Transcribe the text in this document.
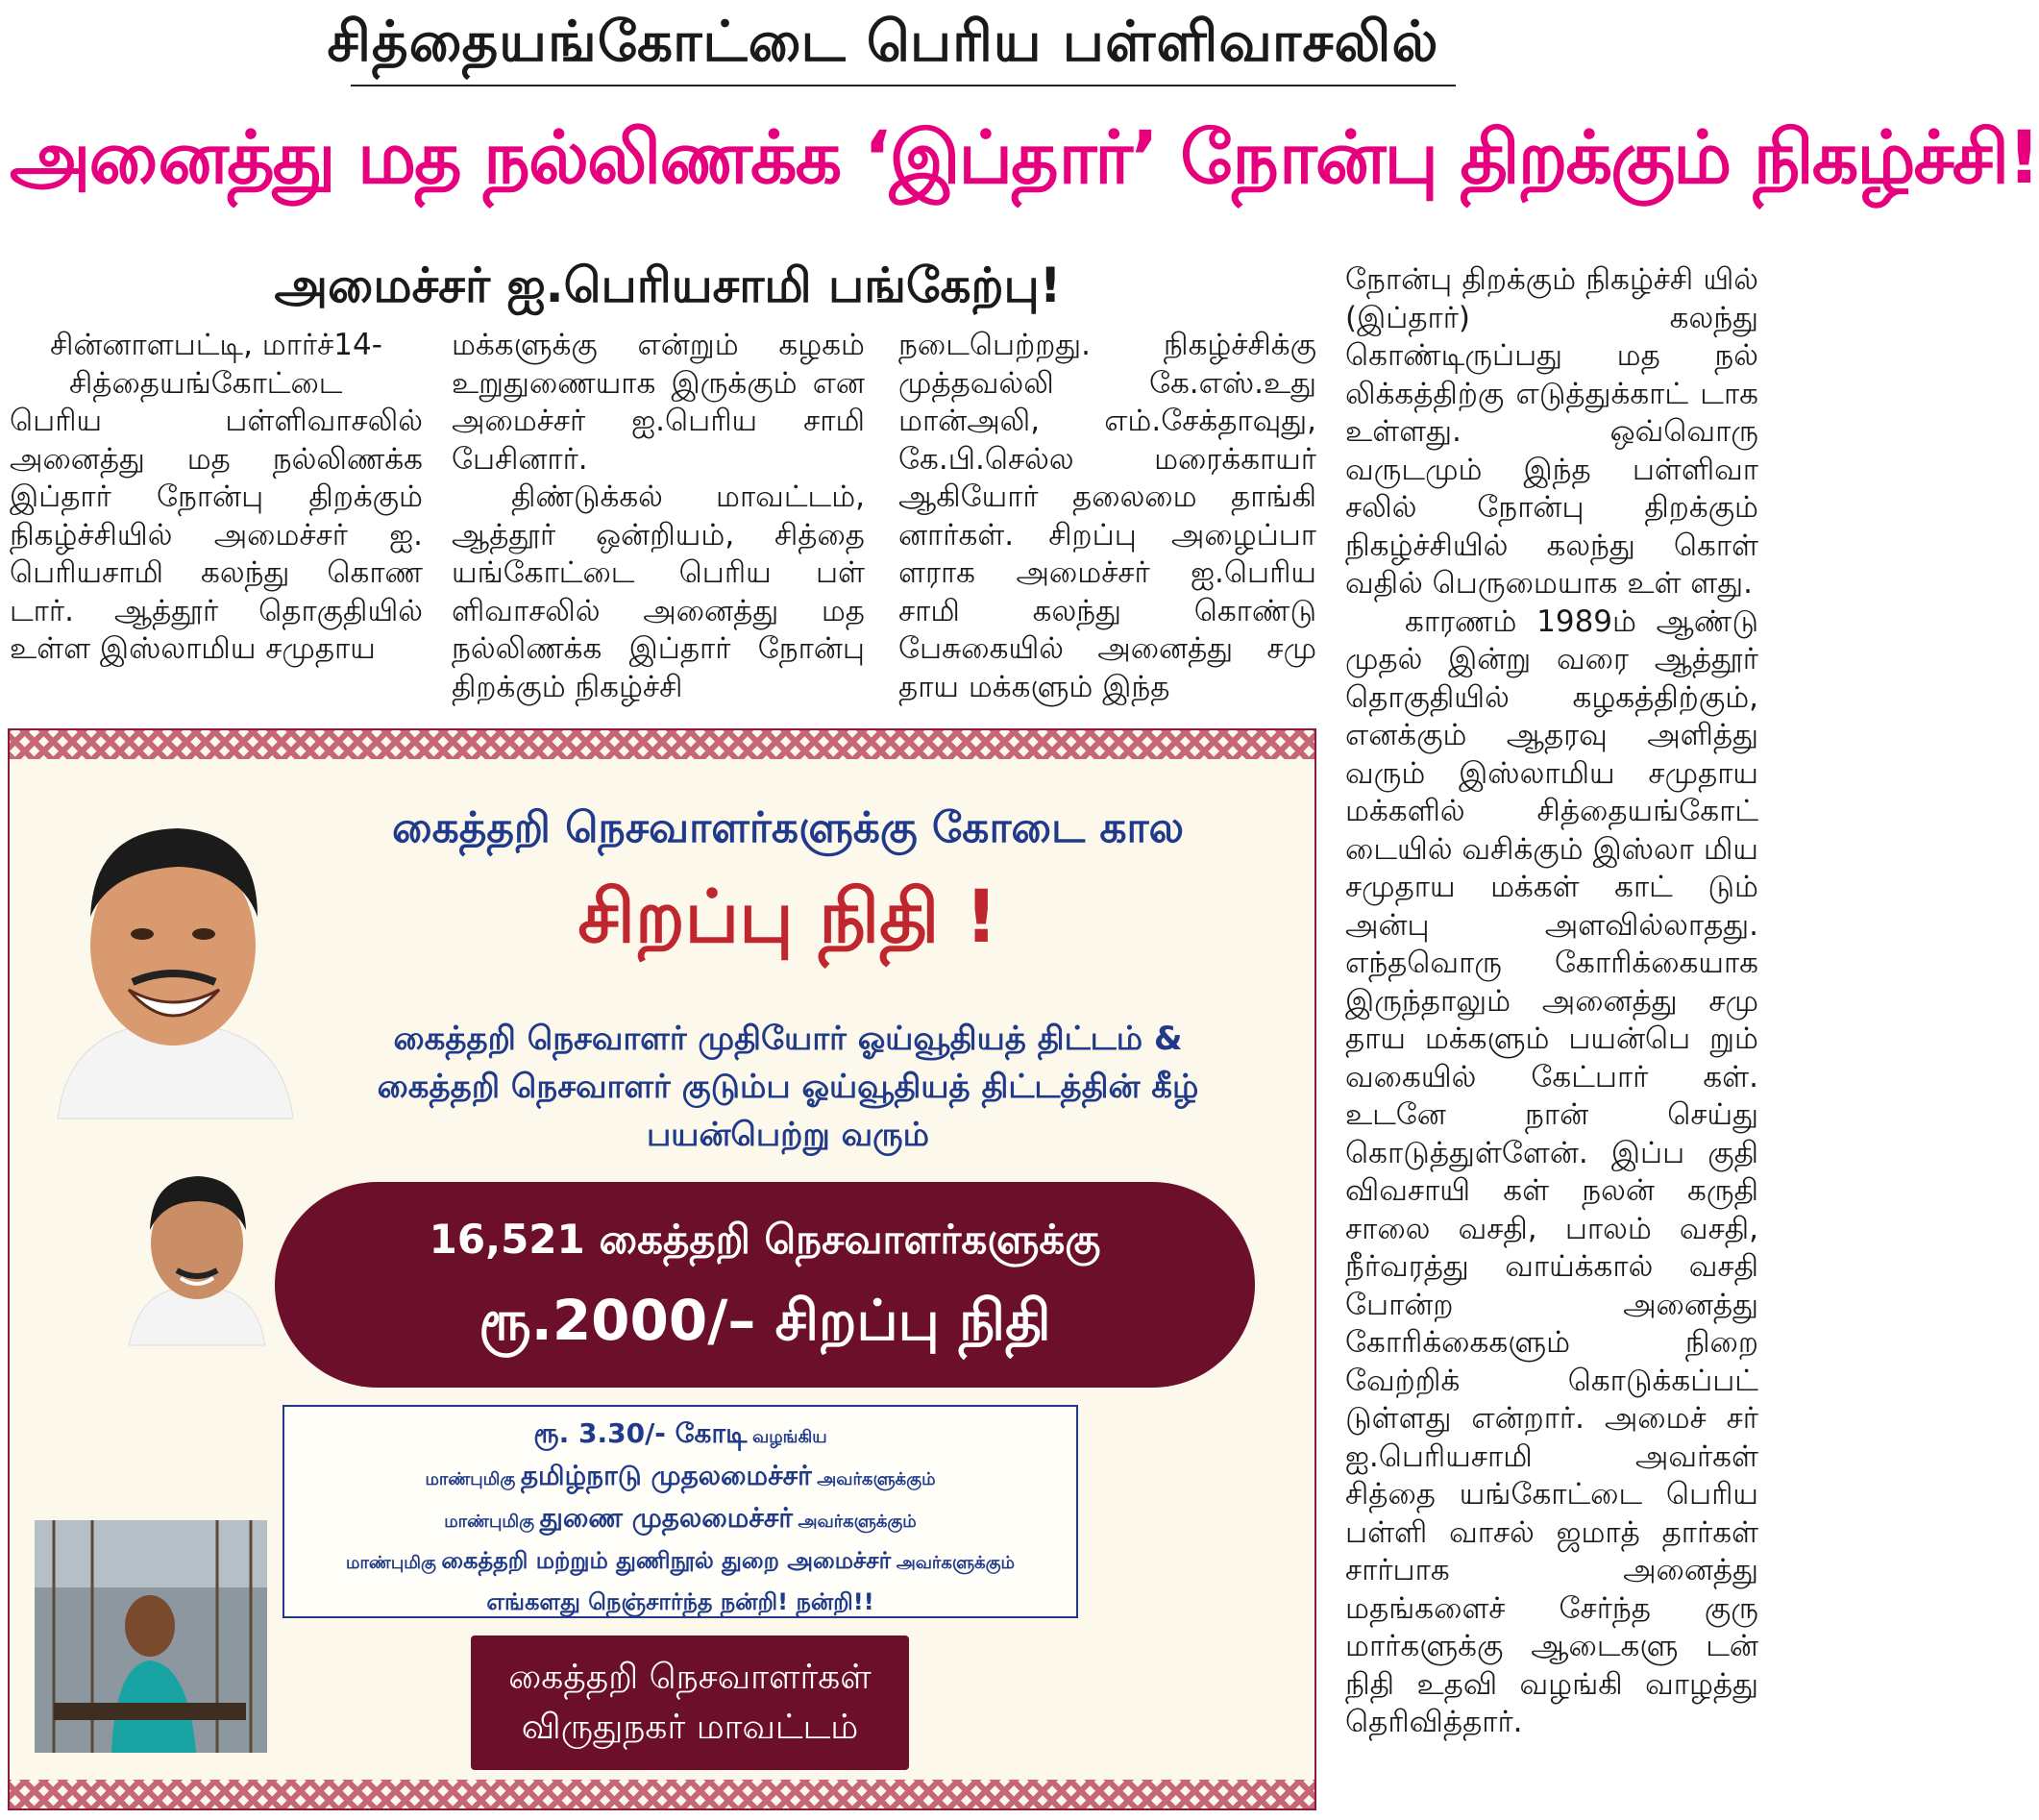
சித்தையங்கோட்டை பெரிய பள்ளிவாசலில்
அனைத்து மத நல்லிணக்க ‘இப்தார்’ நோன்பு திறக்கும் நிகழ்ச்சி!
அமைச்சர் ஐ.பெரியசாமி பங்கேற்பு!

சின்னாளபட்டி, மார்ச்14-

சித்தையங்கோட்டை பெரிய பள்ளிவாசலில் அனைத்து மத நல்லிணக்க இப்தார் நோன்பு திறக்கும் நிகழ்ச்சியில் அமைச்சர் ஐ. பெரியசாமி கலந்து கொண டார். ஆத்தூர் தொகுதியில் உள்ள இஸ்லாமிய சமுதாய

மக்களுக்கு என்றும் கழகம் உறுதுணையாக இருக்கும் என அமைச்சர் ஐ.பெரிய சாமி பேசினார்.

திண்டுக்கல் மாவட்டம், ஆத்தூர் ஒன்றியம், சித்தை யங்கோட்டை பெரிய பள் ளிவாசலில் அனைத்து மத நல்லிணக்க இப்தார் நோன்பு திறக்கும் நிகழ்ச்சி

நடைபெற்றது. நிகழ்ச்சிக்கு முத்தவல்லி கே.எஸ்.உது மான்அலி, எம்.சேக்தாவுது, கே.பி.செல்ல மரைக்காயர் ஆகியோர் தலைமை தாங்கி னார்கள். சிறப்பு அழைப்பா ளராக அமைச்சர் ஐ.பெரிய சாமி கலந்து கொண்டு பேசுகையில் அனைத்து சமு தாய மக்களும் இந்த

நோன்பு திறக்கும் நிகழ்ச்சி யில் (இப்தார்) கலந்து கொண்டிருப்பது மத நல் லிக்கத்திற்கு எடுத்துக்காட் டாக உள்ளது. ஒவ்வொரு வருடமும் இந்த பள்ளிவா சலில் நோன்பு திறக்கும் நிகழ்ச்சியில் கலந்து கொள் வதில் பெருமையாக உள் ளது.

காரணம் 1989ம் ஆண்டு முதல் இன்று வரை ஆத்தூர் தொகுதியில் கழகத்திற்கும், எனக்கும் ஆதரவு அளித்து வரும் இஸ்லாமிய சமுதாய மக்களில் சித்தையங்கோட் டையில் வசிக்கும் இஸ்லா மிய சமுதாய மக்கள் காட் டும் அன்பு அளவில்லாதது. எந்தவொரு கோரிக்கையாக இருந்தாலும் அனைத்து சமு தாய மக்களும் பயன்பெ றும் வகையில் கேட்பார் கள். உடனே நான் செய்து கொடுத்துள்ளேன். இப்ப குதி விவசாயி கள் நலன் கருதி சாலை வசதி, பாலம் வசதி, நீர்வரத்து வாய்க்கால் வசதி போன்ற அனைத்து கோரிக்கைகளும் நிறை வேற்றிக் கொடுக்கப்பட் டுள்ளது என்றார். அமைச் சர் ஐ.பெரியசாமி அவர்கள் சித்தை யங்கோட்டை பெரிய பள்ளி வாசல் ஜமாத் தார்கள் சார்பாக அனைத்து மதங்களைச் சேர்ந்த குரு மார்களுக்கு ஆடைகளு டன் நிதி உதவி வழங்கி வாழத்து தெரிவித்தார்.

கைத்தறி நெசவாளர்களுக்கு கோடை கால
சிறப்பு நிதி !
கைத்தறி நெசவாளர் முதியோர் ஓய்வூதியத் திட்டம் &
கைத்தறி நெசவாளர் குடும்ப ஓய்வூதியத் திட்டத்தின் கீழ்
பயன்பெற்று வரும்
16,521 கைத்தறி நெசவாளர்களுக்கு
ரூ.2000/– சிறப்பு நிதி
ரூ. 3.30/- கோடி வழங்கிய
மாண்புமிகு தமிழ்நாடு முதலமைச்சர் அவர்களுக்கும்
மாண்புமிகு துணை முதலமைச்சர் அவர்களுக்கும்
மாண்புமிகு கைத்தறி மற்றும் துணிநூல் துறை அமைச்சர் அவர்களுக்கும்
எங்களது நெஞ்சார்ந்த நன்றி! நன்றி!!
கைத்தறி நெசவாளர்கள்
விருதுநகர் மாவட்டம்
